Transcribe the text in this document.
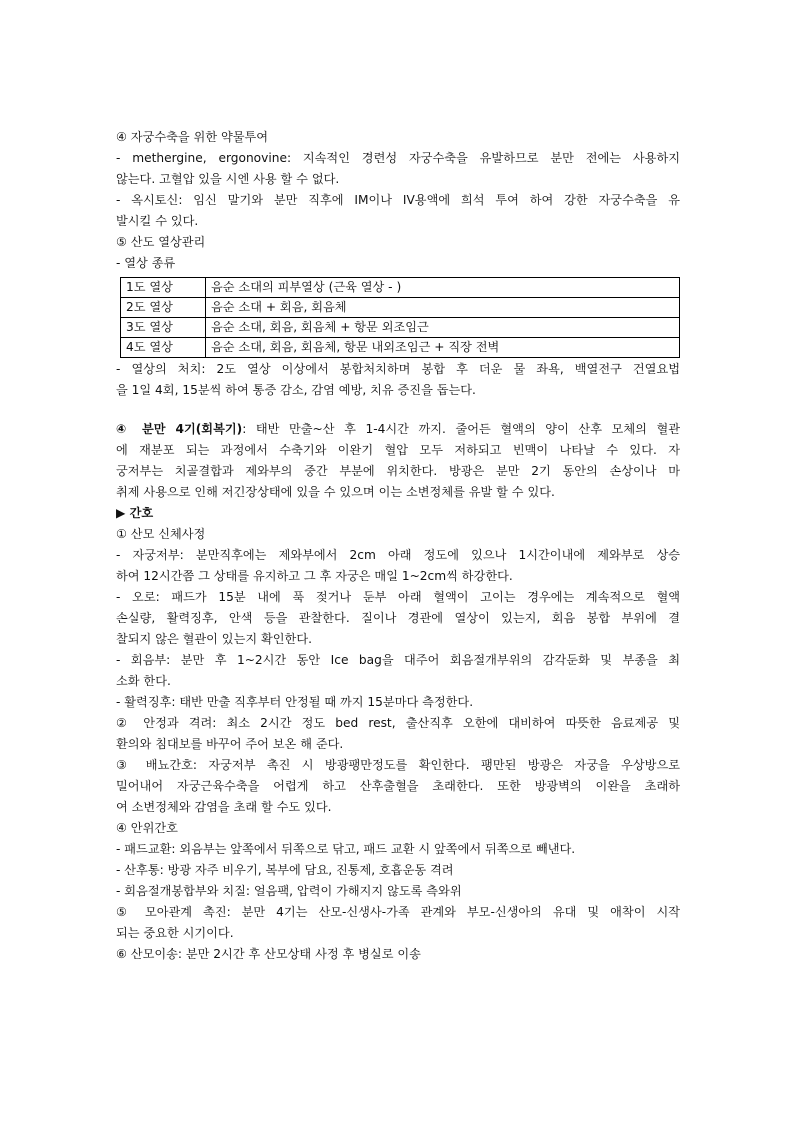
④ 자궁수축을 위한 약물투여
- methergine, ergonovine: 지속적인 경련성 자궁수축을 유발하므로 분만 전에는 사용하지
않는다. 고혈압 있을 시엔 사용 할 수 없다.
- 옥시토신: 임신 말기와 분만 직후에 IM이나 IV용액에 희석 투여 하여 강한 자궁수축을 유
발시킬 수 있다.
⑤ 산도 열상관리
- 열상 종류
1도 열상	음순 소대의 피부열상 (근육 열상 - )
2도 열상	음순 소대 + 회음, 회음체
3도 열상	음순 소대, 회음, 회음체 + 항문 외조임근
4도 열상	음순 소대, 회음, 회음체, 항문 내외조임근 + 직장 전벽
- 열상의 처치: 2도 열상 이상에서 봉합처치하며 봉합 후 더운 물 좌욕, 백열전구 건열요법
을 1일 4회, 15분씩 하여 통증 감소, 감염 예방, 치유 증진을 돕는다.
④ 분만 4기(회복기): 태반 만출~산 후 1-4시간 까지. 줄어든 혈액의 양이 산후 모체의 혈관
에 재분포 되는 과정에서 수축기와 이완기 혈압 모두 저하되고 빈맥이 나타날 수 있다. 자
궁저부는 치골결합과 제와부의 중간 부분에 위치한다. 방광은 분만 2기 동안의 손상이나 마
취제 사용으로 인해 저긴장상태에 있을 수 있으며 이는 소변정체를 유발 할 수 있다.
▶ 간호
① 산모 신체사정
- 자궁저부: 분만직후에는 제와부에서 2cm 아래 정도에 있으나 1시간이내에 제와부로 상승
하여 12시간쯤 그 상태를 유지하고 그 후 자궁은 매일 1~2cm씩 하강한다.
- 오로: 패드가 15분 내에 푹 젖거나 둔부 아래 혈액이 고이는 경우에는 계속적으로 혈액
손실량, 활력징후, 안색 등을 관찰한다. 질이나 경관에 열상이 있는지, 회음 봉합 부위에 결
찰되지 않은 혈관이 있는지 확인한다.
- 회음부: 분만 후 1~2시간 동안 Ice bag을 대주어 회음절개부위의 감각둔화 및 부종을 최
소화 한다.
- 활력징후: 태반 만출 직후부터 안정될 때 까지 15분마다 측정한다.
② 안정과 격려: 최소 2시간 정도 bed rest, 출산직후 오한에 대비하여 따뜻한 음료제공 및
환의와 침대보를 바꾸어 주어 보온 해 준다.
③ 배뇨간호: 자궁저부 촉진 시 방광팽만정도를 확인한다. 팽만된 방광은 자궁을 우상방으로
밀어내어 자궁근육수축을 어렵게 하고 산후출혈을 초래한다. 또한 방광벽의 이완을 초래하
여 소변정체와 감염을 초래 할 수도 있다.
④ 안위간호
- 패드교환: 외음부는 앞쪽에서 뒤쪽으로 닦고, 패드 교환 시 앞쪽에서 뒤쪽으로 빼낸다.
- 산후통: 방광 자주 비우기, 복부에 담요, 진통제, 호흡운동 격려
- 회음절개봉합부와 치질: 얼음팩, 압력이 가해지지 않도록 측와위
⑤ 모아관계 촉진: 분만 4기는 산모-신생사-가족 관계와 부모-신생아의 유대 및 애착이 시작
되는 중요한 시기이다.
⑥ 산모이송: 분만 2시간 후 산모상태 사정 후 병실로 이송
